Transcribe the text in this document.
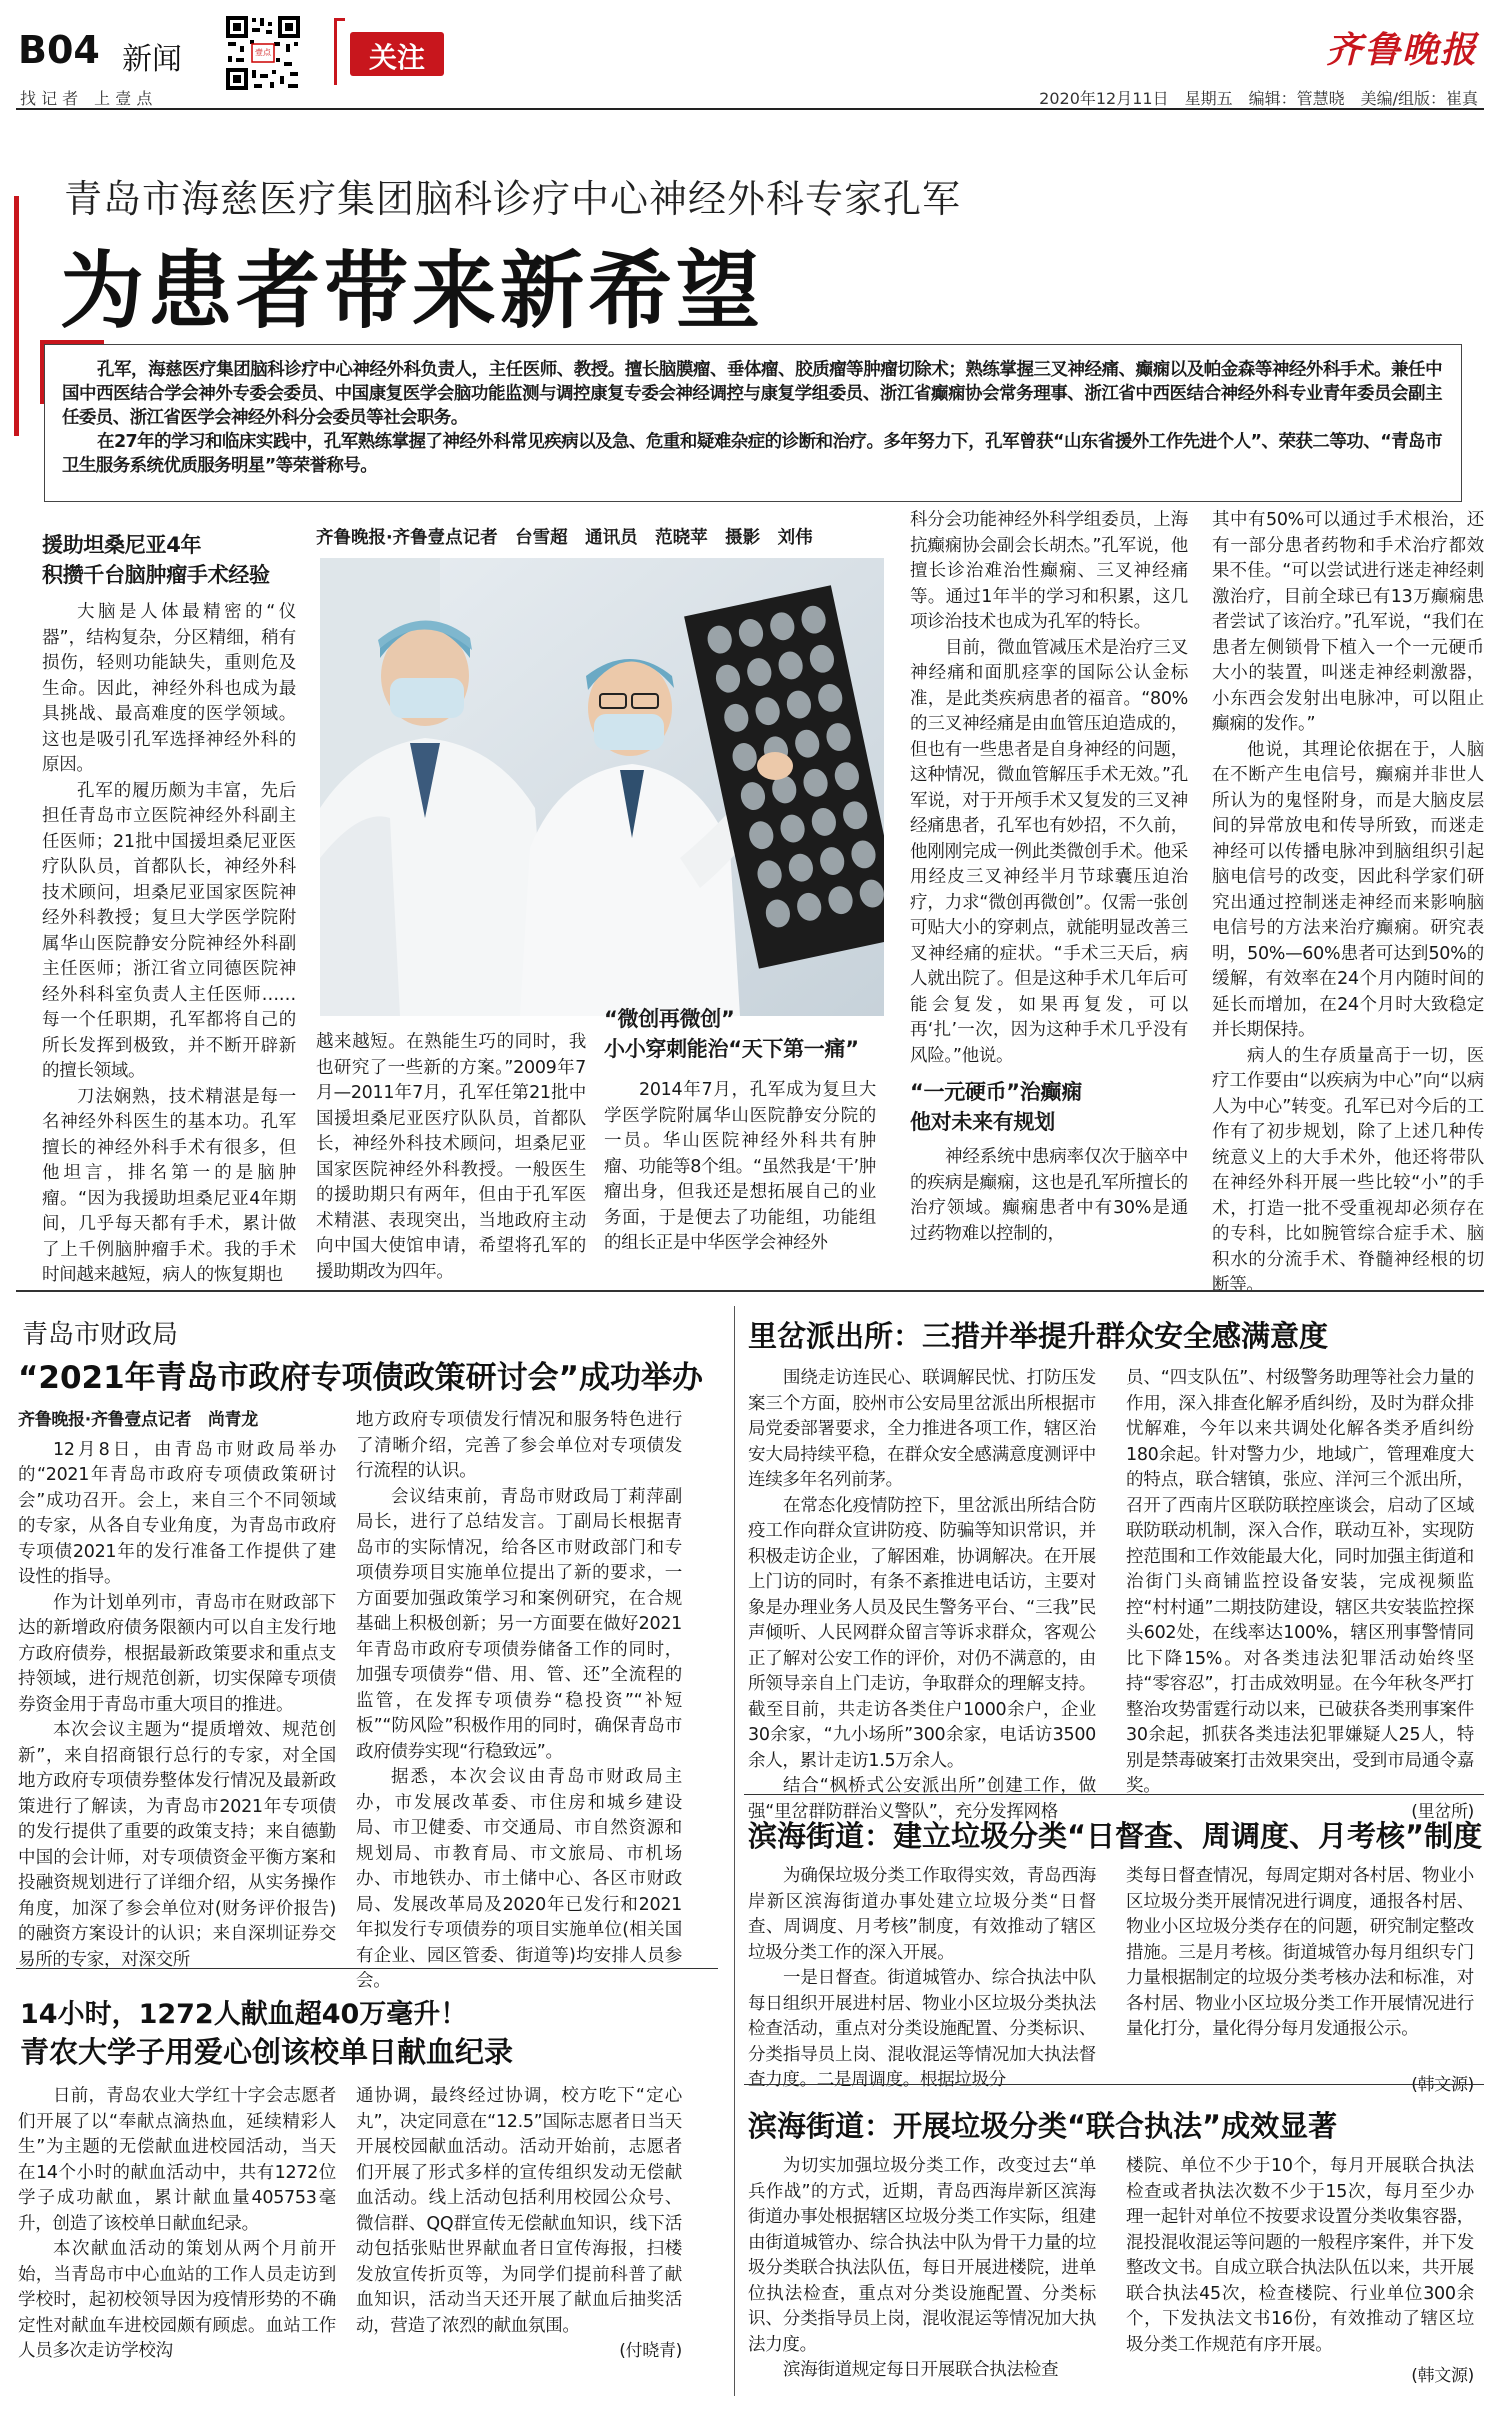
B04 新闻
找 记 者　上 壹 点
壹点	关注	齐鲁晚报
2020年12月11日　星期五　编辑：管慧晓　美编/组版：崔真
青岛市海慈医疗集团脑科诊疗中心神经外科专家孔军
为患者带来新希望

孔军，海慈医疗集团脑科诊疗中心神经外科负责人，主任医师、教授。擅长脑膜瘤、垂体瘤、胶质瘤等肿瘤切除术；熟练掌握三叉神经痛、癫痫以及帕金森等神经外科手术。兼任中国中西医结合学会神外专委会委员、中国康复医学会脑功能监测与调控康复专委会神经调控与康复学组委员、浙江省癫痫协会常务理事、浙江省中西医结合神经外科专业青年委员会副主任委员、浙江省医学会神经外科分会委员等社会职务。

在27年的学习和临床实践中，孔军熟练掌握了神经外科常见疾病以及急、危重和疑难杂症的诊断和治疗。多年努力下，孔军曾获“山东省援外工作先进个人”、荣获二等功、“青岛市卫生服务系统优质服务明星”等荣誉称号。

齐鲁晚报·齐鲁壹点记者　台雪超　通讯员　范晓苹　摄影　刘伟
援助坦桑尼亚4年
积攒千台脑肿瘤手术经验

大脑是人体最精密的“仪器”，结构复杂，分区精细，稍有损伤，轻则功能缺失，重则危及生命。因此，神经外科也成为最具挑战、最高难度的医学领域。这也是吸引孔军选择神经外科的原因。

孔军的履历颇为丰富，先后担任青岛市立医院神经外科副主任医师；21批中国援坦桑尼亚医疗队队员，首都队长，神经外科技术顾问，坦桑尼亚国家医院神经外科教授；复旦大学医学院附属华山医院静安分院神经外科副主任医师；浙江省立同德医院神经外科科室负责人主任医师……每一个任职期，孔军都将自己的所长发挥到极致，并不断开辟新的擅长领域。

刀法娴熟，技术精湛是每一名神经外科医生的基本功。孔军擅长的神经外科手术有很多，但他坦言，排名第一的是脑肿瘤。“因为我援助坦桑尼亚4年期间，几乎每天都有手术，累计做了上千例脑肿瘤手术。我的手术时间越来越短，病人的恢复期也

越来越短。在熟能生巧的同时，我也研究了一些新的方案。”2009年7月—2011年7月，孔军任第21批中国援坦桑尼亚医疗队队员，首都队长，神经外科技术顾问，坦桑尼亚国家医院神经外科教授。一般医生的援助期只有两年，但由于孔军医术精湛、表现突出，当地政府主动向中国大使馆申请，希望将孔军的援助期改为四年。

“微创再微创”
小小穿刺能治“天下第一痛”

2014年7月，孔军成为复旦大学医学院附属华山医院静安分院的一员。华山医院神经外科共有肿瘤、功能等8个组。“虽然我是‘干’肿瘤出身，但我还是想拓展自己的业务面，于是便去了功能组，功能组的组长正是中华医学会神经外

科分会功能神经外科学组委员，上海抗癫痫协会副会长胡杰。”孔军说，他擅长诊治难治性癫痫、三叉神经痛等。通过1年半的学习和积累，这几项诊治技术也成为孔军的特长。

目前，微血管减压术是治疗三叉神经痛和面肌痉挛的国际公认金标准，是此类疾病患者的福音。“80%的三叉神经痛是由血管压迫造成的，但也有一些患者是自身神经的问题，这种情况，微血管解压手术无效。”孔军说，对于开颅手术又复发的三叉神经痛患者，孔军也有妙招，不久前，他刚刚完成一例此类微创手术。他采用经皮三叉神经半月节球囊压迫治疗，力求“微创再微创”。仅需一张创可贴大小的穿刺点，就能明显改善三叉神经痛的症状。“手术三天后，病人就出院了。但是这种手术几年后可能会复发，如果再复发，可以再‘扎’一次，因为这种手术几乎没有风险。”他说。

“一元硬币”治癫痫
他对未来有规划

神经系统中患病率仅次于脑卒中的疾病是癫痫，这也是孔军所擅长的治疗领域。癫痫患者中有30%是通过药物难以控制的，

其中有50%可以通过手术根治，还有一部分患者药物和手术治疗都效果不佳。“可以尝试进行迷走神经刺激治疗，目前全球已有13万癫痫患者尝试了该治疗。”孔军说，“我们在患者左侧锁骨下植入一个一元硬币大小的装置，叫迷走神经刺激器，小东西会发射出电脉冲，可以阻止癫痫的发作。”

他说，其理论依据在于，人脑在不断产生电信号，癫痫并非世人所认为的鬼怪附身，而是大脑皮层间的异常放电和传导所致，而迷走神经可以传播电脉冲到脑组织引起脑电信号的改变，因此科学家们研究出通过控制迷走神经而来影响脑电信号的方法来治疗癫痫。研究表明，50%—60%患者可达到50%的缓解，有效率在24个月内随时间的延长而增加，在24个月时大致稳定并长期保持。

病人的生存质量高于一切，医疗工作要由“以疾病为中心”向“以病人为中心”转变。孔军已对今后的工作有了初步规划，除了上述几种传统意义上的大手术外，他还将带队在神经外科开展一些比较“小”的手术，打造一批不受重视却必须存在的专科，比如腕管综合症手术、脑积水的分流手术、脊髓神经根的切断等。

青岛市财政局
“2021年青岛市政府专项债政策研讨会”成功举办
齐鲁晚报·齐鲁壹点记者　尚青龙

12月8日，由青岛市财政局举办的“2021年青岛市政府专项债政策研讨会”成功召开。会上，来自三个不同领域的专家，从各自专业角度，为青岛市政府专项债2021年的发行准备工作提供了建设性的指导。

作为计划单列市，青岛市在财政部下达的新增政府债务限额内可以自主发行地方政府债券，根据最新政策要求和重点支持领域，进行规范创新，切实保障专项债券资金用于青岛市重大项目的推进。

本次会议主题为“提质增效、规范创新”，来自招商银行总行的专家，对全国地方政府专项债券整体发行情况及最新政策进行了解读，为青岛市2021年专项债的发行提供了重要的政策支持；来自德勤中国的会计师，对专项债资金平衡方案和投融资规划进行了详细介绍，从实务操作角度，加深了参会单位对(财务评价报告)的融资方案设计的认识；来自深圳证券交易所的专家，对深交所

地方政府专项债发行情况和服务特色进行了清晰介绍，完善了参会单位对专项债发行流程的认识。

会议结束前，青岛市财政局丁莉萍副局长，进行了总结发言。丁副局长根据青岛市的实际情况，给各区市财政部门和专项债券项目实施单位提出了新的要求，一方面要加强政策学习和案例研究，在合规基础上积极创新；另一方面要在做好2021年青岛市政府专项债券储备工作的同时，加强专项债券“借、用、管、还”全流程的监管，在发挥专项债券“稳投资”“补短板”“防风险”积极作用的同时，确保青岛市政府债券实现“行稳致远”。

据悉，本次会议由青岛市财政局主办，市发展改革委、市住房和城乡建设局、市卫健委、市交通局、市自然资源和规划局、市教育局、市文旅局、市机场办、市地铁办、市土储中心、各区市财政局、发展改革局及2020年已发行和2021年拟发行专项债券的项目实施单位(相关国有企业、园区管委、街道等)均安排人员参会。

14小时，1272人献血超40万毫升！
青农大学子用爱心创该校单日献血纪录

日前，青岛农业大学红十字会志愿者们开展了以“奉献点滴热血，延续精彩人生”为主题的无偿献血进校园活动，当天在14个小时的献血活动中，共有1272位学子成功献血，累计献血量405753毫升，创造了该校单日献血纪录。

本次献血活动的策划从两个月前开始，当青岛市中心血站的工作人员走访到学校时，起初校领导因为疫情形势的不确定性对献血车进校园颇有顾虑。血站工作人员多次走访学校沟

通协调，最终经过协调，校方吃下“定心丸”，决定同意在“12.5”国际志愿者日当天开展校园献血活动。活动开始前，志愿者们开展了形式多样的宣传组织发动无偿献血活动。线上活动包括利用校园公众号、微信群、QQ群宣传无偿献血知识，线下活动包括张贴世界献血者日宣传海报，扫楼发放宣传折页等，为同学们提前科普了献血知识，活动当天还开展了献血后抽奖活动，营造了浓烈的献血氛围。

(付晓青)
里岔派出所：三措并举提升群众安全感满意度

围绕走访连民心、联调解民忧、打防压发案三个方面，胶州市公安局里岔派出所根据市局党委部署要求，全力推进各项工作，辖区治安大局持续平稳，在群众安全感满意度测评中连续多年名列前茅。

在常态化疫情防控下，里岔派出所结合防疫工作向群众宣讲防疫、防骗等知识常识，并积极走访企业，了解困难，协调解决。在开展上门访的同时，有条不紊推进电话访，主要对象是办理业务人员及民生警务平台、“三我”民声倾听、人民网群众留言等诉求群众，客观公正了解对公安工作的评价，对仍不满意的，由所领导亲自上门走访，争取群众的理解支持。截至目前，共走访各类住户1000余户，企业30余家，“九小场所”300余家，电话访3500余人，累计走访1.5万余人。

结合“枫桥式公安派出所”创建工作，做强“里岔群防群治义警队”，充分发挥网格

员、“四支队伍”、村级警务助理等社会力量的作用，深入排查化解矛盾纠纷，及时为群众排忧解难，今年以来共调处化解各类矛盾纠纷180余起。针对警力少，地域广，管理难度大的特点，联合辖镇，张应、洋河三个派出所，召开了西南片区联防联控座谈会，启动了区域联防联动机制，深入合作，联动互补，实现防控范围和工作效能最大化，同时加强主街道和治街门头商铺监控设备安装，完成视频监控“村村通”二期技防建设，辖区共安装监控探头602处，在线率达100%，辖区刑事警情同比下降15%。对各类违法犯罪活动始终坚持“零容忍”，打击成效明显。在今年秋冬严打整治攻势雷霆行动以来，已破获各类刑事案件30余起，抓获各类违法犯罪嫌疑人25人，特别是禁毒破案打击效果突出，受到市局通令嘉奖。

(里岔所)
滨海街道：建立垃圾分类“日督查、周调度、月考核”制度

为确保垃圾分类工作取得实效，青岛西海岸新区滨海街道办事处建立垃圾分类“日督查、周调度、月考核”制度，有效推动了辖区垃圾分类工作的深入开展。

一是日督查。街道城管办、综合执法中队每日组织开展进村居、物业小区垃圾分类执法检查活动，重点对分类设施配置、分类标识、分类指导员上岗、混收混运等情况加大执法督查力度。二是周调度。根据垃圾分

类每日督查情况，每周定期对各村居、物业小区垃圾分类开展情况进行调度，通报各村居、物业小区垃圾分类存在的问题，研究制定整改措施。三是月考核。街道城管办每月组织专门力量根据制定的垃圾分类考核办法和标准，对各村居、物业小区垃圾分类工作开展情况进行量化打分，量化得分每月发通报公示。

(韩文源)
滨海街道：开展垃圾分类“联合执法”成效显著

为切实加强垃圾分类工作，改变过去“单兵作战”的方式，近期，青岛西海岸新区滨海街道办事处根据辖区垃圾分类工作实际，组建由街道城管办、综合执法中队为骨干力量的垃圾分类联合执法队伍，每日开展进楼院，进单位执法检查，重点对分类设施配置、分类标识、分类指导员上岗，混收混运等情况加大执法力度。

滨海街道规定每日开展联合执法检查

楼院、单位不少于10个，每月开展联合执法检查或者执法次数不少于15次，每月至少办理一起针对单位不按要求设置分类收集容器，混投混收混运等问题的一般程序案件，并下发整改文书。自成立联合执法队伍以来，共开展联合执法45次，检查楼院、行业单位300余个，下发执法文书16份，有效推动了辖区垃圾分类工作规范有序开展。

(韩文源)
